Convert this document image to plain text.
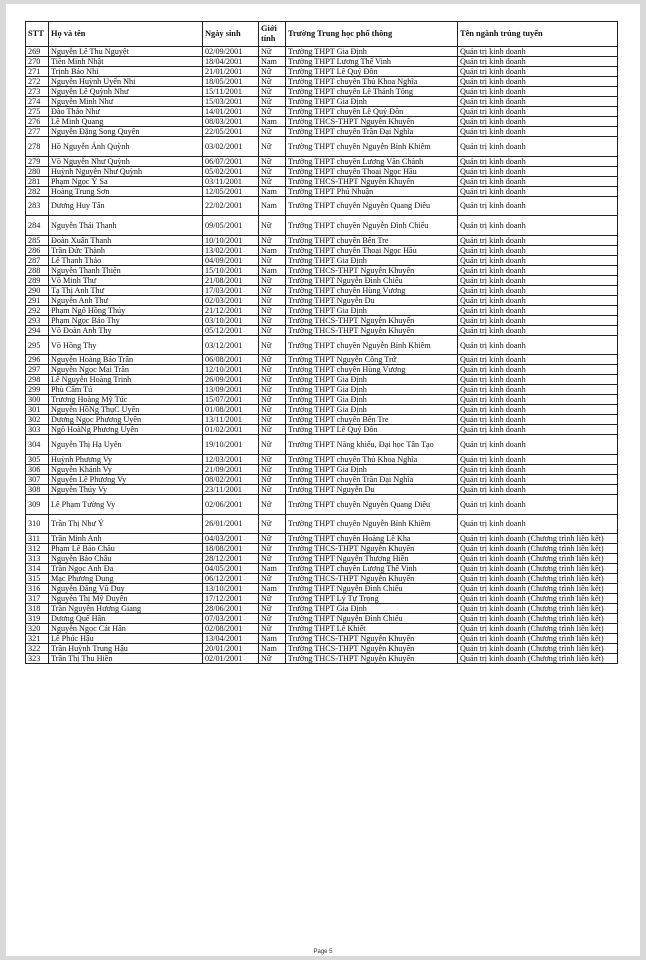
STT	Họ và tên	Ngày sinh	Giới tính	Trường Trung học phổ thông	Tên ngành trúng tuyển
269	Nguyễn Lê Thu Nguyệt	02/09/2001	Nữ	Trường THPT Gia Định	Quản trị kinh doanh
270	Tiền Minh Nhật	18/04/2001	Nam	Trường THPT Lương Thế Vinh	Quản trị kinh doanh
271	Trịnh Bảo Nhi	21/01/2001	Nữ	Trường THPT Lê Quý Đôn	Quản trị kinh doanh
272	Nguyễn Huỳnh Uyển Nhi	18/05/2001	Nữ	Trường THPT chuyên Thủ Khoa Nghĩa	Quản trị kinh doanh
273	Nguyễn Lê Quỳnh Như	15/11/2001	Nữ	Trường THPT chuyên Lê Thánh Tông	Quản trị kinh doanh
274	Nguyễn Minh Như	15/03/2001	Nữ	Trường THPT Gia Định	Quản trị kinh doanh
275	Đào Thảo Như	14/01/2001	Nữ	Trường THPT chuyên Lê Quý Đôn	Quản trị kinh doanh
276	Lê Minh Quang	08/03/2001	Nam	Trường THCS-THPT Nguyễn Khuyến	Quản trị kinh doanh
277	Nguyễn Đặng Song Quyên	22/05/2001	Nữ	Trường THPT chuyên Trần Đại Nghĩa	Quản trị kinh doanh
278	Hồ Nguyễn Ánh Quỳnh	03/02/2001	Nữ	Trường THPT chuyên Nguyễn Bỉnh Khiêm	Quản trị kinh doanh
279	Võ Nguyễn Như Quỳnh	06/07/2001	Nữ	Trường THPT chuyên Lương Văn Chánh	Quản trị kinh doanh
280	Huỳnh Nguyễn Như Quỳnh	05/02/2001	Nữ	Trường THPT chuyên Thoại Ngọc Hầu	Quản trị kinh doanh
281	Phạm Ngọc Ý Sa	03/11/2001	Nữ	Trường THCS-THPT Nguyễn Khuyến	Quản trị kinh doanh
282	Hoàng Trung Sơn	12/05/2001	Nam	Trường THPT Phú Nhuận	Quản trị kinh doanh
283	Dương Huy Tân	22/02/2001	Nam	Trường THPT chuyên Nguyễn Quang Diêu	Quản trị kinh doanh
284	Nguyễn Thái Thanh	09/05/2001	Nữ	Trường THPT chuyên Nguyễn Đình Chiểu	Quản trị kinh doanh
285	Đoàn Xuân Thanh	10/10/2001	Nữ	Trường THPT chuyên Bến Tre	Quản trị kinh doanh
286	Trần Đức Thành	13/02/2001	Nam	Trường THPT chuyên Thoại Ngọc Hầu	Quản trị kinh doanh
287	Lê Thanh Thảo	04/09/2001	Nữ	Trường THPT Gia Định	Quản trị kinh doanh
288	Nguyễn Thanh Thiện	15/10/2001	Nam	Trường THCS-THPT Nguyễn Khuyến	Quản trị kinh doanh
289	Võ Minh Thư	21/08/2001	Nữ	Trường THPT Nguyễn Đình Chiểu	Quản trị kinh doanh
290	Tạ Thị Anh Thư	17/03/2001	Nữ	Trường THPT chuyên Hùng Vương	Quản trị kinh doanh
291	Nguyễn Anh Thư	02/03/2001	Nữ	Trường THPT Nguyễn Du	Quản trị kinh doanh
292	Phạm Ngô Hồng Thúy	21/12/2001	Nữ	Trường THPT Gia Định	Quản trị kinh doanh
293	Phạm Ngọc Bảo Thy	03/10/2001	Nữ	Trường THCS-THPT Nguyễn Khuyến	Quản trị kinh doanh
294	Võ Đoàn Anh Thy	05/12/2001	Nữ	Trường THCS-THPT Nguyễn Khuyến	Quản trị kinh doanh
295	Võ Hồng Thy	03/12/2001	Nữ	Trường THPT chuyên Nguyễn Bỉnh Khiêm	Quản trị kinh doanh
296	Nguyễn Hoàng Bảo Trân	06/08/2001	Nữ	Trường THPT Nguyễn Công Trứ	Quản trị kinh doanh
297	Nguyễn Ngọc Mai Trân	12/10/2001	Nữ	Trường THPT chuyên Hùng Vương	Quản trị kinh doanh
298	Lê Nguyễn Hoàng Trinh	26/09/2001	Nữ	Trường THPT Gia Định	Quản trị kinh doanh
299	Phù Cẩm Tú	13/09/2001	Nữ	Trường THPT Gia Định	Quản trị kinh doanh
300	Trương Hoàng Mỹ Túc	15/07/2001	Nữ	Trường THPT Gia Định	Quản trị kinh doanh
301	Nguyễn HồNg ThụC Uyên	01/08/2001	Nữ	Trường THPT Gia Định	Quản trị kinh doanh
302	Dương Ngọc Phương Uyên	13/11/2001	Nữ	Trường THPT chuyên Bến Tre	Quản trị kinh doanh
303	Ngô HoàNg Phương Uyên	01/02/2001	Nữ	Trường THPT Lê Quý Đôn	Quản trị kinh doanh
304	Nguyễn Thị Hạ Uyên	19/10/2001	Nữ	Trường THPT Năng khiếu, Đại học Tân Tạo	Quản trị kinh doanh
305	Huỳnh Phương Vy	12/03/2001	Nữ	Trường THPT chuyên Thủ Khoa Nghĩa	Quản trị kinh doanh
306	Nguyễn Khánh Vy	21/09/2001	Nữ	Trường THPT Gia Định	Quản trị kinh doanh
307	Nguyễn Lê Phương Vy	08/02/2001	Nữ	Trường THPT chuyên Trần Đại Nghĩa	Quản trị kinh doanh
308	Nguyễn Thúy Vy	23/11/2001	Nữ	Trường THPT Nguyễn Du	Quản trị kinh doanh
309	Lê Phạm Tường Vy	02/06/2001	Nữ	Trường THPT chuyên Nguyễn Quang Diêu	Quản trị kinh doanh
310	Trần Thị Như Ý	26/01/2001	Nữ	Trường THPT chuyên Nguyễn Bỉnh Khiêm	Quản trị kinh doanh
311	Trần Minh Anh	04/03/2001	Nữ	Trường THPT chuyên Hoàng Lê Kha	Quản trị kinh doanh (Chương trình liên kết)
312	Phạm Lê Bảo Châu	18/08/2001	Nữ	Trường THCS-THPT Nguyễn Khuyến	Quản trị kinh doanh (Chương trình liên kết)
313	Nguyễn Bảo Châu	28/12/2001	Nữ	Trường THPT Nguyễn Thượng Hiền	Quản trị kinh doanh (Chương trình liên kết)
314	Trần Ngọc Anh Đa	04/05/2001	Nam	Trường THPT chuyên Lương Thế Vinh	Quản trị kinh doanh (Chương trình liên kết)
315	Mạc Phương Dung	06/12/2001	Nữ	Trường THCS-THPT Nguyễn Khuyến	Quản trị kinh doanh (Chương trình liên kết)
316	Nguyễn Đăng Vũ Duy	13/10/2001	Nam	Trường THPT Nguyễn Đình Chiểu	Quản trị kinh doanh (Chương trình liên kết)
317	Nguyễn Thị Mỹ Duyên	17/12/2001	Nữ	Trường THPT Lý Tự Trọng	Quản trị kinh doanh (Chương trình liên kết)
318	Trần Nguyễn Hương Giang	28/06/2001	Nữ	Trường THPT Gia Định	Quản trị kinh doanh (Chương trình liên kết)
319	Dương Quế Hân	07/03/2001	Nữ	Trường THPT Nguyễn Đình Chiểu	Quản trị kinh doanh (Chương trình liên kết)
320	Nguyễn Ngọc Cát Hân	02/08/2001	Nữ	Trường THPT Lê Khiết	Quản trị kinh doanh (Chương trình liên kết)
321	Lê Phúc Hậu	13/04/2001	Nam	Trường THCS-THPT Nguyễn Khuyến	Quản trị kinh doanh (Chương trình liên kết)
322	Trần Huỳnh Trung Hậu	20/01/2001	Nam	Trường THCS-THPT Nguyễn Khuyến	Quản trị kinh doanh (Chương trình liên kết)
323	Trần Thị Thu Hiền	02/01/2001	Nữ	Trường THCS-THPT Nguyễn Khuyến	Quản trị kinh doanh (Chương trình liên kết)
Page 5
